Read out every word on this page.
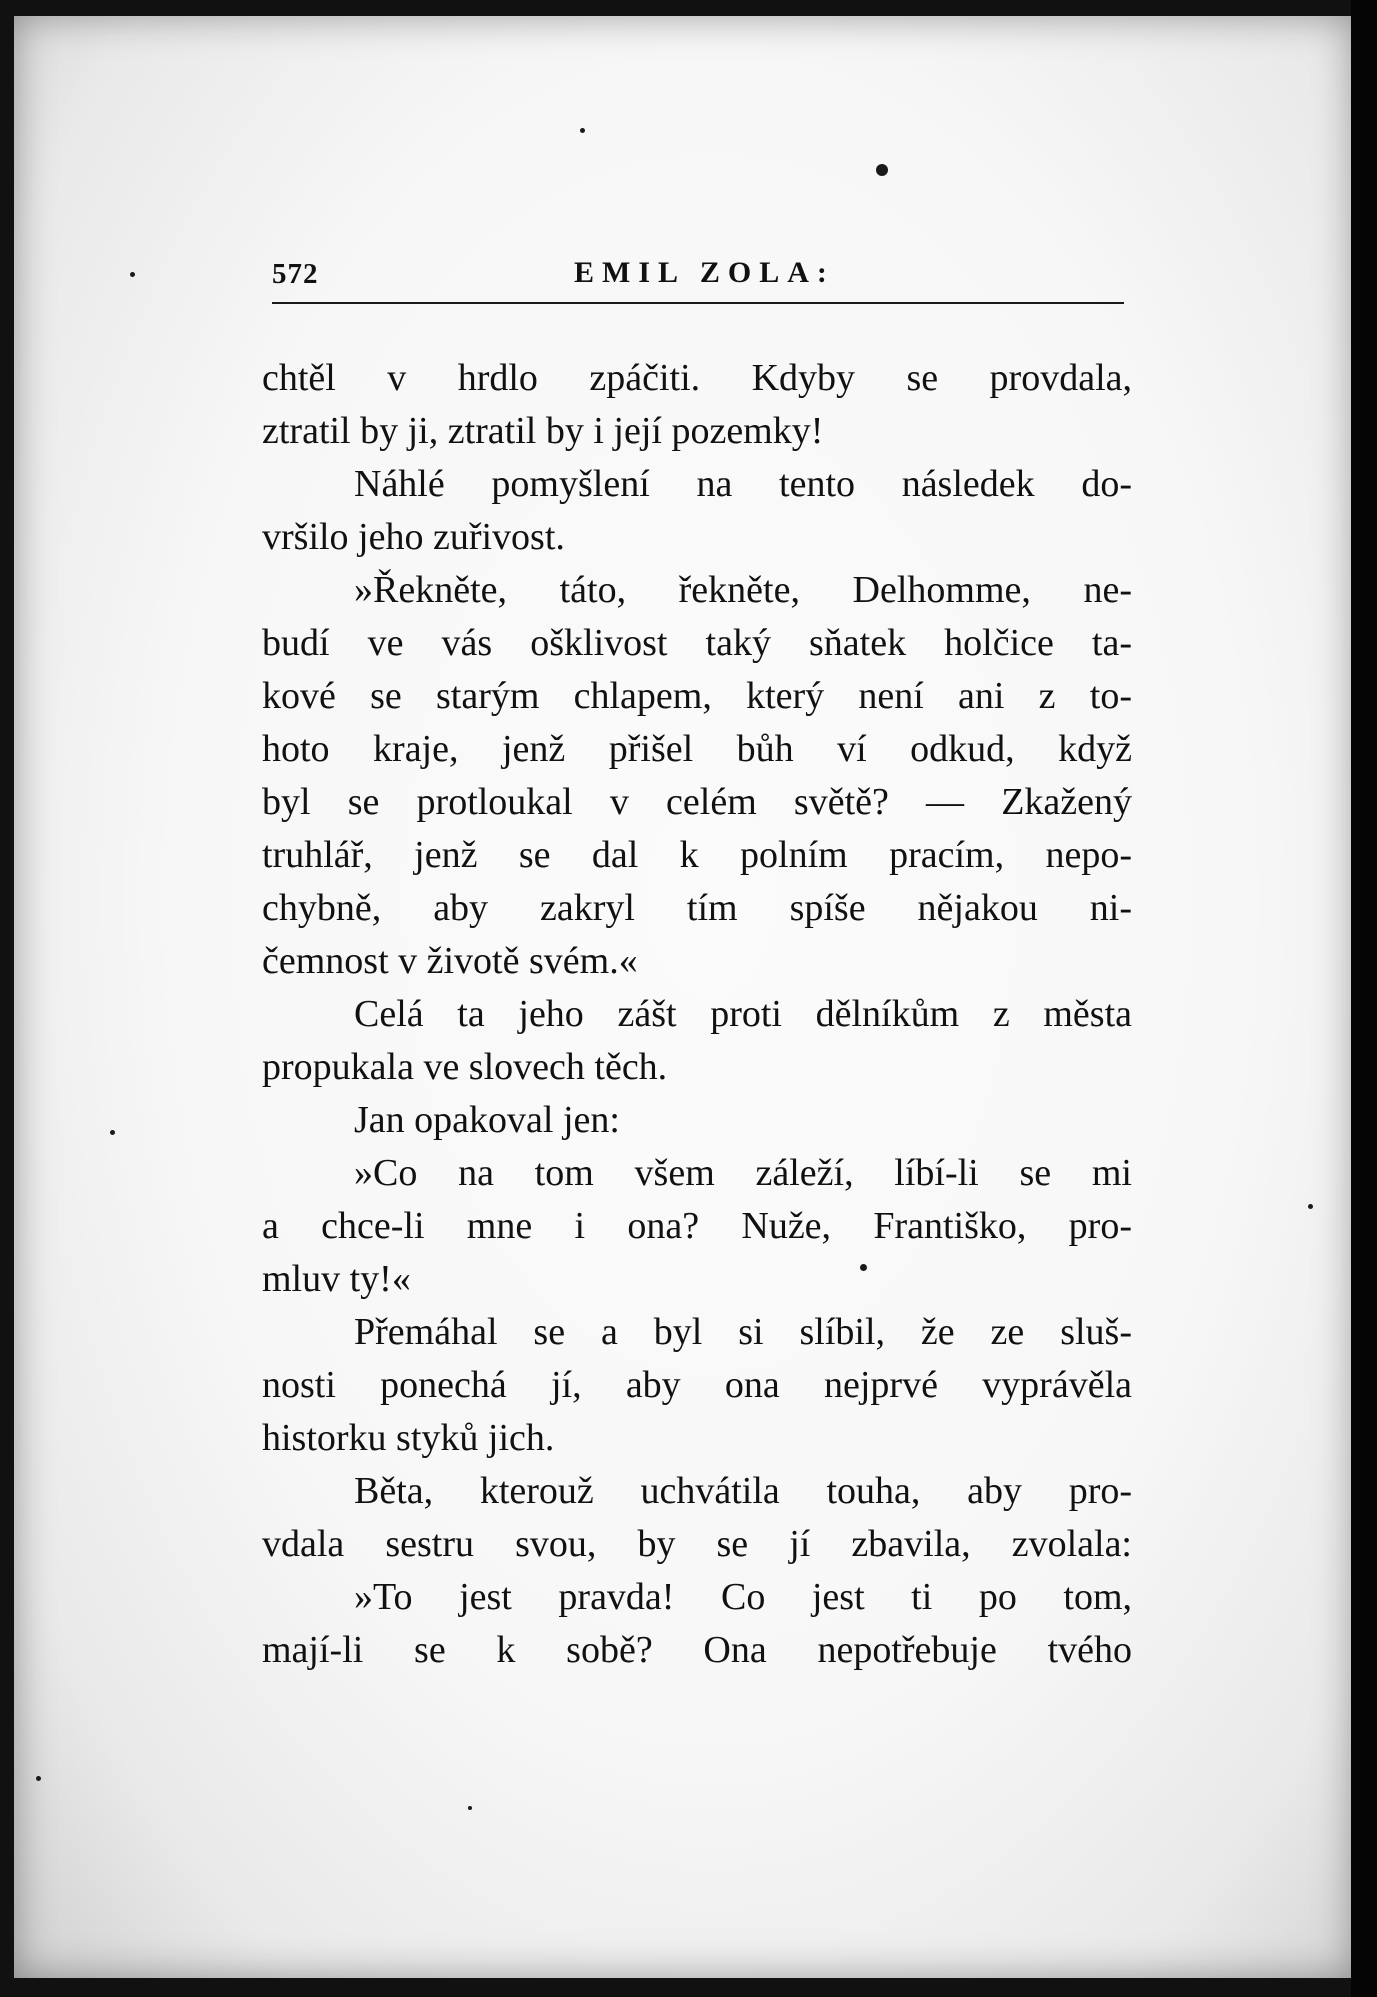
572	EMIL ZOLA:
chtěl v hrdlo zpáčiti. Kdyby se provdala,
ztratil by ji, ztratil by i její pozemky!
Náhlé pomyšlení na tento následek do-
vršilo jeho zuřivost.
»Řekněte, táto, řekněte, Delhomme, ne-
budí ve vás ošklivost taký sňatek holčice ta-
kové se starým chlapem, který není ani z to-
hoto kraje, jenž přišel bůh ví odkud, když
byl se protloukal v celém světě? — Zkažený
truhlář, jenž se dal k polním pracím, nepo-
chybně, aby zakryl tím spíše nějakou ni-
čemnost v životě svém.«
Celá ta jeho zášt proti dělníkům z města
propukala ve slovech těch.
Jan opakoval jen:
»Co na tom všem záleží, líbí-li se mi
a chce-li mne i ona? Nuže, Františko, pro-
mluv ty!«
Přemáhal se a byl si slíbil, že ze sluš-
nosti ponechá jí, aby ona nejprvé vyprávěla
historku styků jich.
Běta, kterouž uchvátila touha, aby pro-
vdala sestru svou, by se jí zbavila, zvolala:
»To jest pravda! Co jest ti po tom,
mají-li se k sobě? Ona nepotřebuje tvého
